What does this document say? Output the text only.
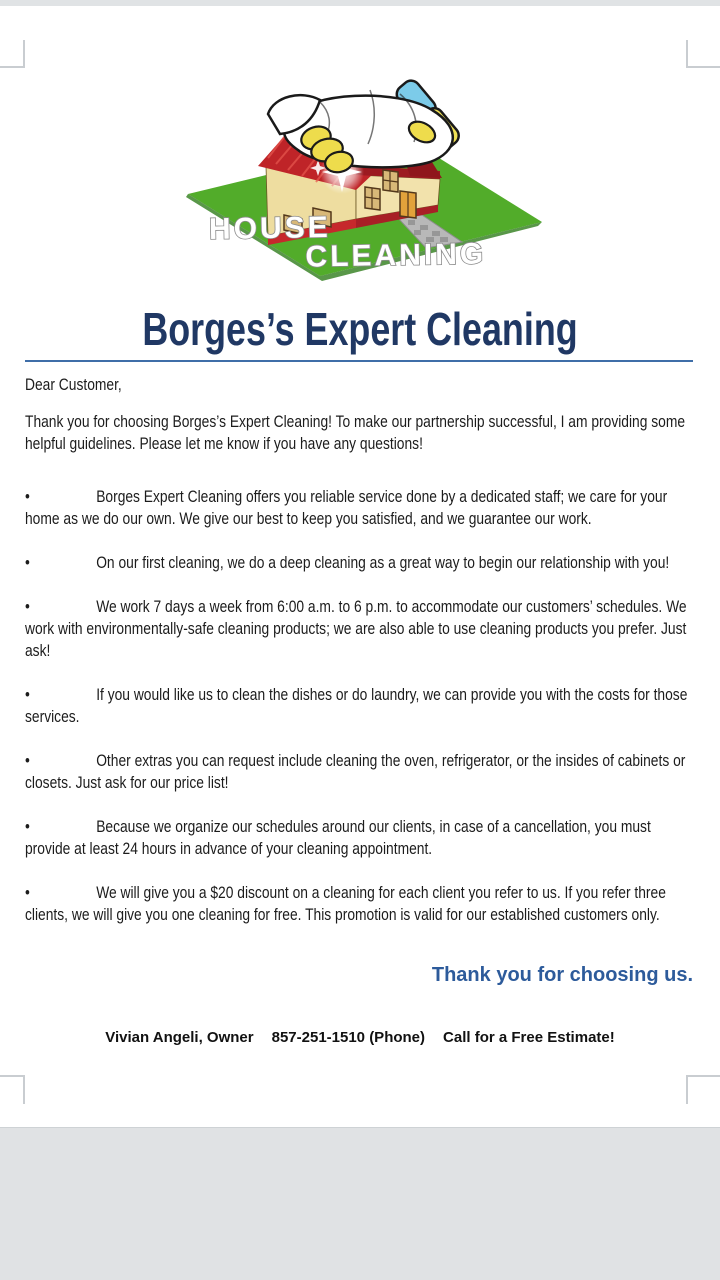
HOUSE
CLEANING
Borges’s Expert Cleaning

Dear Customer,

Thank you for choosing Borges’s Expert Cleaning! To make our partnership successful, I am providing some helpful guidelines. Please let me know if you have any questions!

•	Borges Expert Cleaning offers you reliable service done by a dedicated staff; we care for your home as we do our own. We give our best to keep you satisfied, and we guarantee our work.

•	On our first cleaning, we do a deep cleaning as a great way to begin our relationship with you!

•	We work 7 days a week from 6:00 a.m. to 6 p.m. to accommodate our customers’ schedules. We work with environmentally-safe cleaning products; we are also able to use cleaning products you prefer. Just ask!

•	If you would like us to clean the dishes or do laundry, we can provide you with the costs for those services.

•	Other extras you can request include cleaning the oven, refrigerator, or the insides of cabinets or closets. Just ask for our price list!

•	Because we organize our schedules around our clients, in case of a cancellation, you must provide at least 24 hours in advance of your cleaning appointment.

•	We will give you a $20 discount on a cleaning for each client you refer to us. If you refer three clients, we will give you one cleaning for free. This promotion is valid for our established customers only.

Thank you for choosing us.
Vivian Angeli, Owner 857-251-1510 (Phone) Call for a Free Estimate!
